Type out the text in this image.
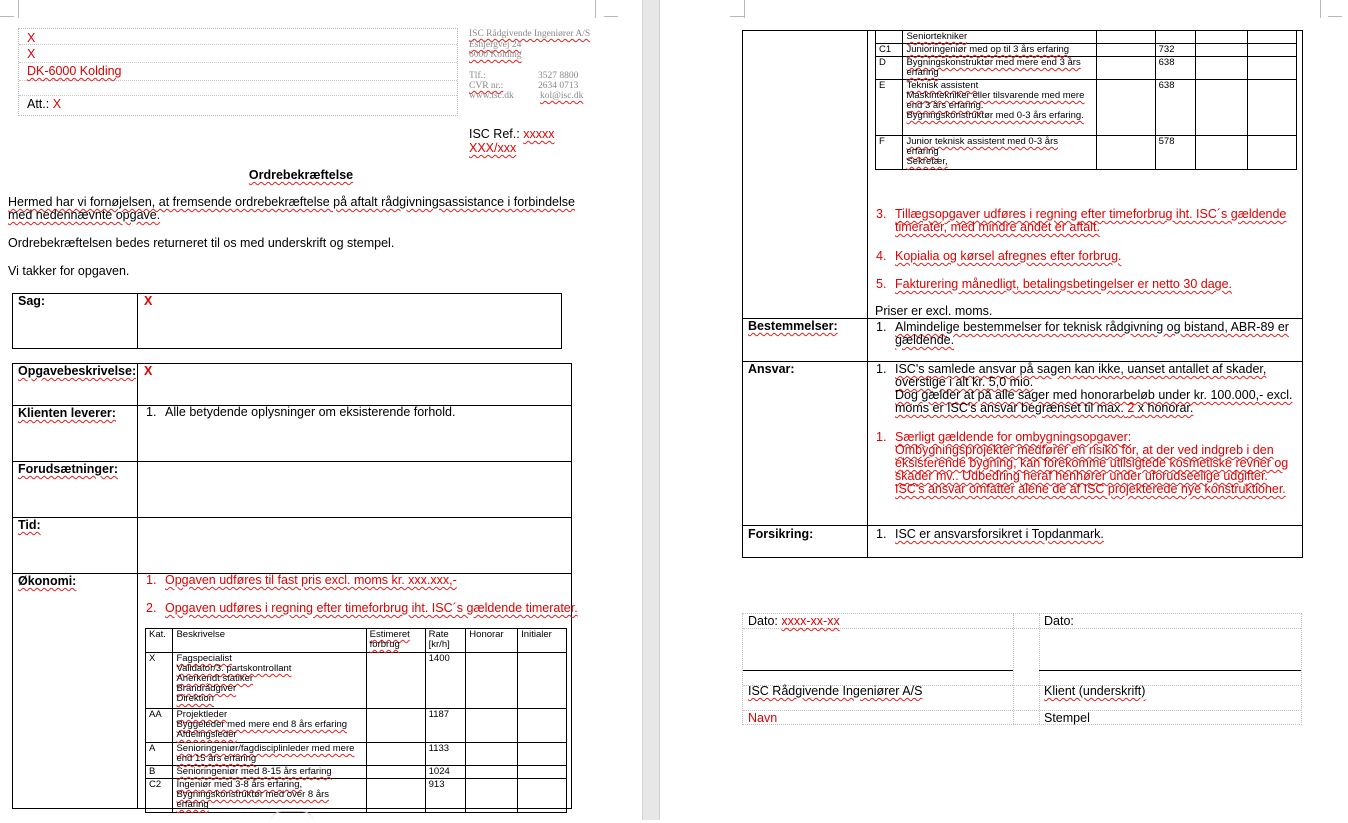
X
X
DK-6000 Kolding
Att.: X
ISC Rådgivende Ingeniører A/S
Eshjergvej 24
6000 Kolding
Tlf.:	3527 8800
CVR nr.:	2634 0713
www.isc.dk	kol@isc.dk
ISC Ref.: xxxxx
XXX/xxx
Ordrebekræftelse
Hermed har vi fornøjelsen, at fremsende ordrebekræftelse på aftalt rådgivningsassistance i forbindelse med nedennævnte opgave.
Ordrebekræftelsen bedes returneret til os med underskrift og stempel.
Vi takker for opgaven.
Sag:	X
Opgavebeskrivelse: X
Klienten leverer: 1. Alle betydende oplysninger om eksisterende forhold.
Forudsætninger:
Tid:
Økonomi:	1. Opgaven udføres til fast pris excl. moms kr. xxx.xxx,-
2. Opgaven udføres i regning efter timeforbrug iht. ISC´s gældende timerater.
Kat.	Beskrivelse	Estimeret forbrug	Rate [kr/h]	Honorar	Initialer
X	Fagspecialist
Validator/3. partskontrollant
Anerkendt statiker
Brandrådgiver
Direktion		1400		
AA	Projektleder
Byggeleder med mere end 8 års erfaring
Afdelingsleder		1187		
A	Senioringeniør/fagdisciplinleder med mere end 15 års erfaring		1133		
B	Senioringeniør med 8-15 års erfaring		1024		
C2	Ingeniør med 3-8 års erfaring,
Bygningskonstruktør med over 8 års erfaring		913		
	Seniortekniker				
C1	Junioringeniør med op til 3 års erfaring		732		
D	Bygningskonstruktør med mere end 3 års erfaring		638		
E	Teknisk assistent
Maskintekniker eller tilsvarende med mere end 3 års erfaring.
Bygningskonstruktør med 0-3 års erfaring.		638		
F	Junior teknisk assistent med 0-3 års erfaring
Sekretær,		578		
3. Tillægsopgaver udføres i regning efter timeforbrug iht. ISC´s gældende timerater, med mindre andet er aftalt.
4. Kopialia og kørsel afregnes efter forbrug.
5. Fakturering månedligt, betalingsbetingelser er netto 30 dage.
Priser er excl. moms.
Bestemmelser:	1. Almindelige bestemmelser for teknisk rådgivning og bistand, ABR-89 er gældende.
Ansvar:	1. ISC's samlede ansvar på sagen kan ikke, uanset antallet af skader, overstige i alt kr. 5,0 mio.
Dog gælder at på alle sager med honorarbeløb under kr. 100.000,- excl. moms er ISC's ansvar begrænset til max. 2 x honorar.
1. Særligt gældende for ombygningsopgaver:
Ombygningsprojekter medfører en risiko for, at der ved indgreb i den eksisterende bygning, kan forekomme utilsigtede kosmetiske revner og skader mv.. Udbedring heraf henhører under uforudseelige udgifter. ISC's ansvar omfatter alene de af ISC projekterede nye konstruktioner.
Forsikring:	1. ISC er ansvarsforsikret i Topdanmark.
Dato: xxxx-xx-xx	Dato:
ISC Rådgivende Ingeniører A/S	Klient (underskrift)
Navn	Stempel
